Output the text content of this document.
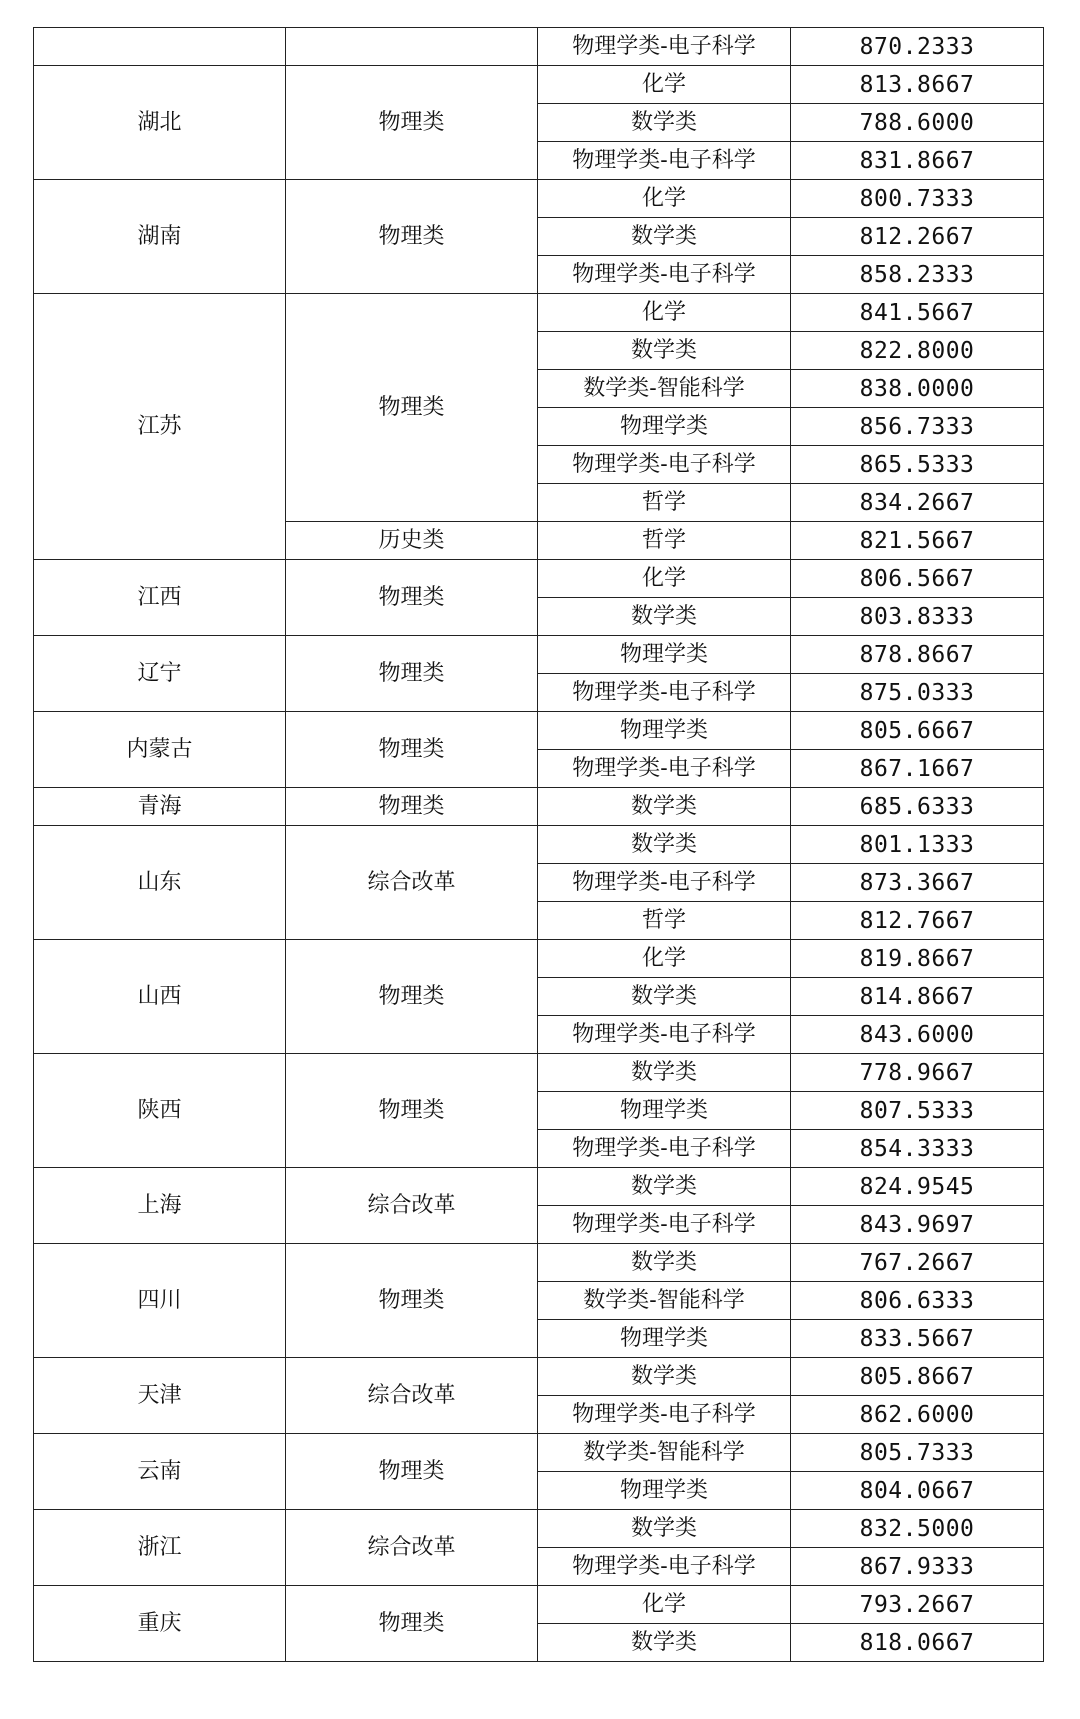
		物理学类-电子科学	870.2333
湖北	物理类	化学	813.8667
		数学类	788.6000
		物理学类-电子科学	831.8667
湖南	物理类	化学	800.7333
		数学类	812.2667
		物理学类-电子科学	858.2333
江苏	物理类	化学	841.5667
		数学类	822.8000
		数学类-智能科学	838.0000
		物理学类	856.7333
		物理学类-电子科学	865.5333
		哲学	834.2667
	历史类	哲学	821.5667
江西	物理类	化学	806.5667
		数学类	803.8333
辽宁	物理类	物理学类	878.8667
		物理学类-电子科学	875.0333
内蒙古	物理类	物理学类	805.6667
		物理学类-电子科学	867.1667
青海	物理类	数学类	685.6333
山东	综合改革	数学类	801.1333
		物理学类-电子科学	873.3667
		哲学	812.7667
山西	物理类	化学	819.8667
		数学类	814.8667
		物理学类-电子科学	843.6000
陕西	物理类	数学类	778.9667
		物理学类	807.5333
		物理学类-电子科学	854.3333
上海	综合改革	数学类	824.9545
		物理学类-电子科学	843.9697
四川	物理类	数学类	767.2667
		数学类-智能科学	806.6333
		物理学类	833.5667
天津	综合改革	数学类	805.8667
		物理学类-电子科学	862.6000
云南	物理类	数学类-智能科学	805.7333
		物理学类	804.0667
浙江	综合改革	数学类	832.5000
		物理学类-电子科学	867.9333
重庆	物理类	化学	793.2667
		数学类	818.0667
